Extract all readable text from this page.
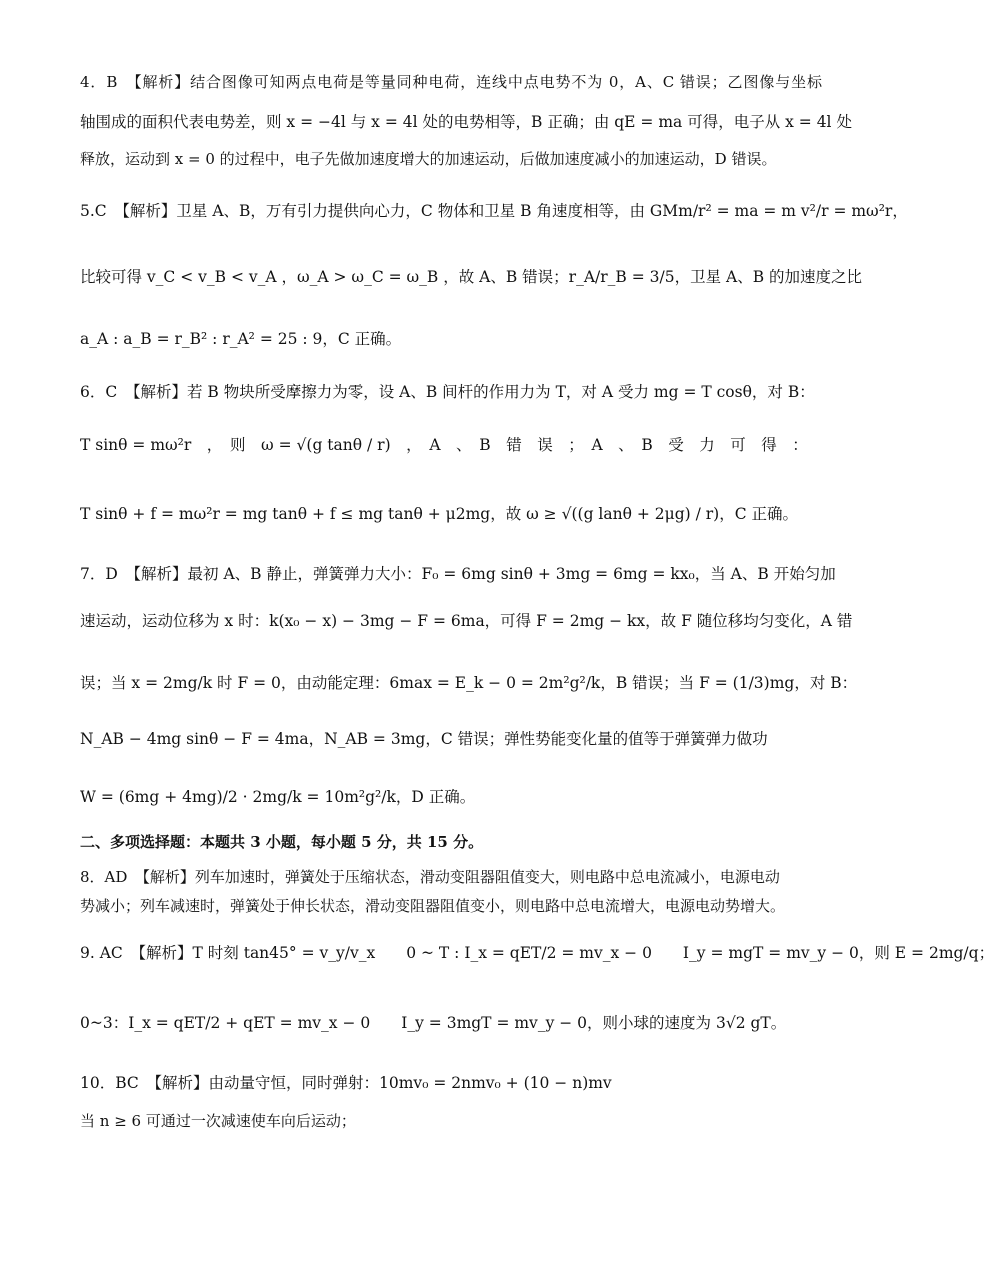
4．B　【解析】结合图像可知两点电荷是等量同种电荷，连线中点电势不为 0，A、C 错误；乙图像与坐标
轴围成的面积代表电势差，则 x = −4l 与 x = 4l 处的电势相等，B 正确；由 qE = ma 可得，电子从 x = 4l 处
释放，运动到 x = 0 的过程中，电子先做加速度增大的加速运动，后做加速度减小的加速运动，D 错误。
5.C　【解析】卫星 A、B，万有引力提供向心力，C 物体和卫星 B 角速度相等，由 GMm/r² = ma = m v²/r = mω²r，
比较可得 v_C < v_B < v_A ，ω_A > ω_C = ω_B ，故 A、B 错误；r_A/r_B = 3/5，卫星 A、B 的加速度之比
a_A : a_B = r_B² : r_A² = 25 : 9，C 正确。
6．C　【解析】若 B 物块所受摩擦力为零，设 A、B 间杆的作用力为 T，对 A 受力 mg = T cosθ，对 B：
T sinθ = mω²r　，　则　ω = √(g tanθ / r)　，　A　、　B　错　误　；　A　、　B　受　力　可　得　：
T sinθ + f = mω²r = mg tanθ + f ≤ mg tanθ + μ2mg，故 ω ≥ √((g lanθ + 2μg) / r)，C 正确。
7．D　【解析】最初 A、B 静止，弹簧弹力大小：F₀ = 6mg sinθ + 3mg = 6mg = kx₀，当 A、B 开始匀加
速运动，运动位移为 x 时：k(x₀ − x) − 3mg − F = 6ma，可得 F = 2mg − kx，故 F 随位移均匀变化，A 错
误；当 x = 2mg/k 时 F = 0，由动能定理：6max = E_k − 0 = 2m²g²/k，B 错误；当 F = (1/3)mg，对 B：
N_AB − 4mg sinθ − F = 4ma，N_AB = 3mg，C 错误；弹性势能变化量的值等于弹簧弹力做功
W = (6mg + 4mg)/2 · 2mg/k = 10m²g²/k，D 正确。
二、多项选择题：本题共 3 小题，每小题 5 分，共 15 分。
8．AD　【解析】列车加速时，弹簧处于压缩状态，滑动变阻器阻值变大，则电路中总电流减小，电源电动
势减小；列车减速时，弹簧处于伸长状态，滑动变阻器阻值变小，则电路中总电流增大，电源电动势增大。
9. AC　【解析】T 时刻 tan45° = v_y/v_x　　0 ~ T : I_x = qET/2 = mv_x − 0　　I_y = mgT = mv_y − 0，则 E = 2mg/q；
0~3：I_x = qET/2 + qET = mv_x − 0　　I_y = 3mgT = mv_y − 0，则小球的速度为 3√2 gT。
10．BC　【解析】由动量守恒，同时弹射：10mv₀ = 2nmv₀ + (10 − n)mv
当 n ≥ 6 可通过一次减速使车向后运动；
